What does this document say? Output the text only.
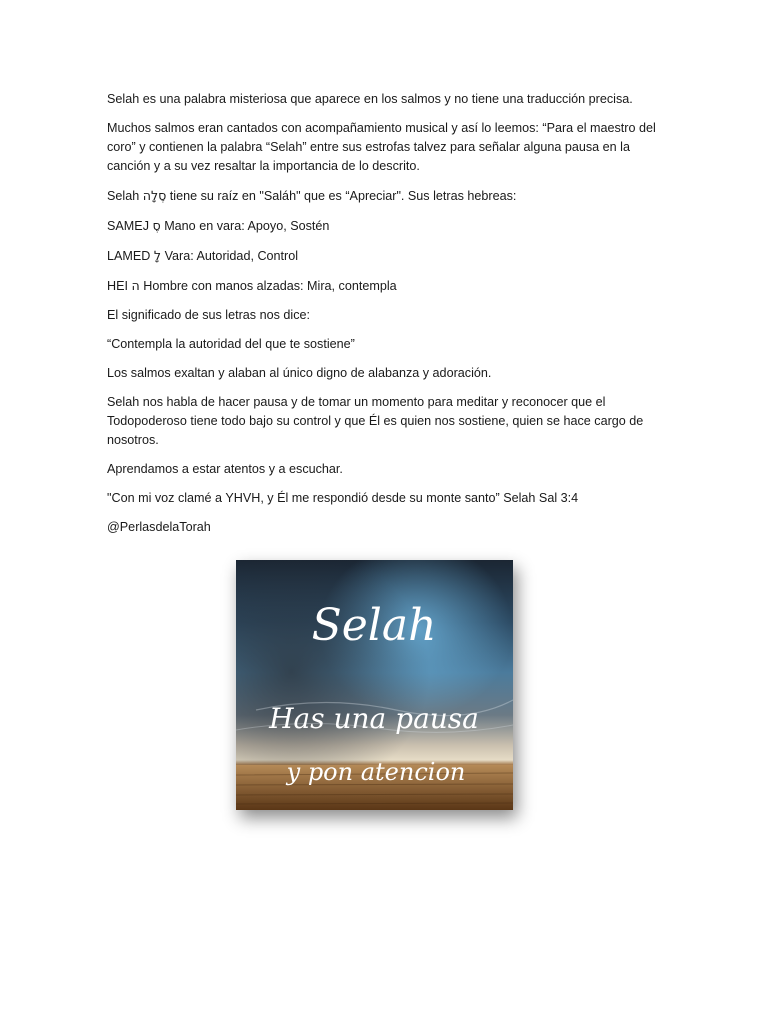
Selah es una palabra misteriosa que aparece en los salmos y no tiene una traducción precisa.

Muchos salmos eran cantados con acompañamiento musical y así lo leemos: “Para el maestro del coro” y contienen la palabra “Selah” entre sus estrofas talvez para señalar alguna pausa en la canción y a su vez resaltar la importancia de lo descrito.

Selah סֶלָה tiene su raíz en "Saláh" que es “Apreciar". Sus letras hebreas:

SAMEJ סֶ Mano en vara: Apoyo, Sostén

LAMED לָ Vara: Autoridad, Control

HEI ה Hombre con manos alzadas: Mira, contempla

El significado de sus letras nos dice:

“Contempla la autoridad del que te sostiene”

Los salmos exaltan y alaban al único digno de alabanza y adoración.

Selah nos habla de hacer pausa y de tomar un momento para meditar y reconocer que el Todopoderoso tiene todo bajo su control y que Él es quien nos sostiene, quien se hace cargo de nosotros.

Aprendamos a estar atentos y a escuchar.

"Con mi voz clamé a YHVH, y Él me respondió desde su monte santo” Selah Sal 3:4

@PerlasdelaTorah

Selah
Has una pausa
y pon atencion
